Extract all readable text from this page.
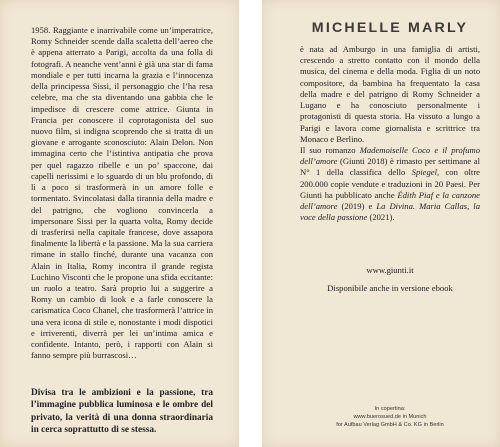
1958. Raggiante e inarrivabile come un’imperatrice, Romy Schneider scende dalla scaletta dell’aereo che è appena atterrato a Parigi, accolta da una folla di fotografi. A neanche vent’anni è già una star di fama mondiale e per tutti incarna la grazia e l’innocenza della principessa Sissi, il personaggio che l’ha resa celebre, ma che sta diventando una gabbia che le impedisce di crescere come attrice. Giunta in Francia per conoscere il coprotagonista del suo nuovo film, si indigna scoprendo che si tratta di un giovane e arrogante sconosciuto: Alain Delon. Non immagina certo che l’istintiva antipatia che prova per quel ragazzo ribelle e un po’ spaccone, dai capelli nerissimi e lo sguardo di un blu profondo, di lì a poco si trasformerà in un amore folle e tormentato. Svincolatasi dalla tirannia della madre e del patrigno, che vogliono convincerla a impersonare Sissi per la quarta volta, Romy decide di trasferirsi nella capitale francese, dove assapora finalmente la libertà e la passione. Ma la sua carriera rimane in stallo finché, durante una vacanza con Alain in Italia, Romy incontra il grande regista Luchino Visconti che le propone una sfida eccitante: un ruolo a teatro. Sarà proprio lui a suggerire a Romy un cambio di look e a farle conoscere la carismatica Coco Chanel, che trasformerà l’attrice in una vera icona di stile e, nonostante i modi dispotici e irriverenti, diverrà per lei un’intima amica e confidente. Intanto, però, i rapporti con Alain si fanno sempre più burrascosi…

Divisa tra le ambizioni e la passione, tra l’immagine pubblica luminosa e le ombre del privato, la verità di una donna straordinaria in cerca soprattutto di se stessa.

MICHELLE MARLY

è nata ad Amburgo in una famiglia di artisti, crescendo a stretto contatto con il mondo della musica, del cinema e della moda. Figlia di un noto compositore, da bambina ha frequentato la casa della madre e del patrigno di Romy Schneider a Lugano e ha conosciuto personalmente i protagonisti di questa storia. Ha vissuto a lungo a Parigi e lavora come giornalista e scrittrice tra Monaco e Berlino.
Il suo romanzo Mademoiselle Coco e il profumo dell’amore (Giunti 2018) è rimasto per settimane al N° 1 della classifica dello Spiegel, con oltre 200.000 copie vendute e traduzioni in 20 Paesi. Per Giunti ha pubblicato anche Édith Piaf e la canzone dell’amore (2019) e La Divina. Maria Callas, la voce della passione (2021).

www.giunti.it

Disponibile anche in versione ebook

In copertina:
www.buerosued.de in Munich
for Aufbau Verlag GmbH & Co. KG in Berlin
